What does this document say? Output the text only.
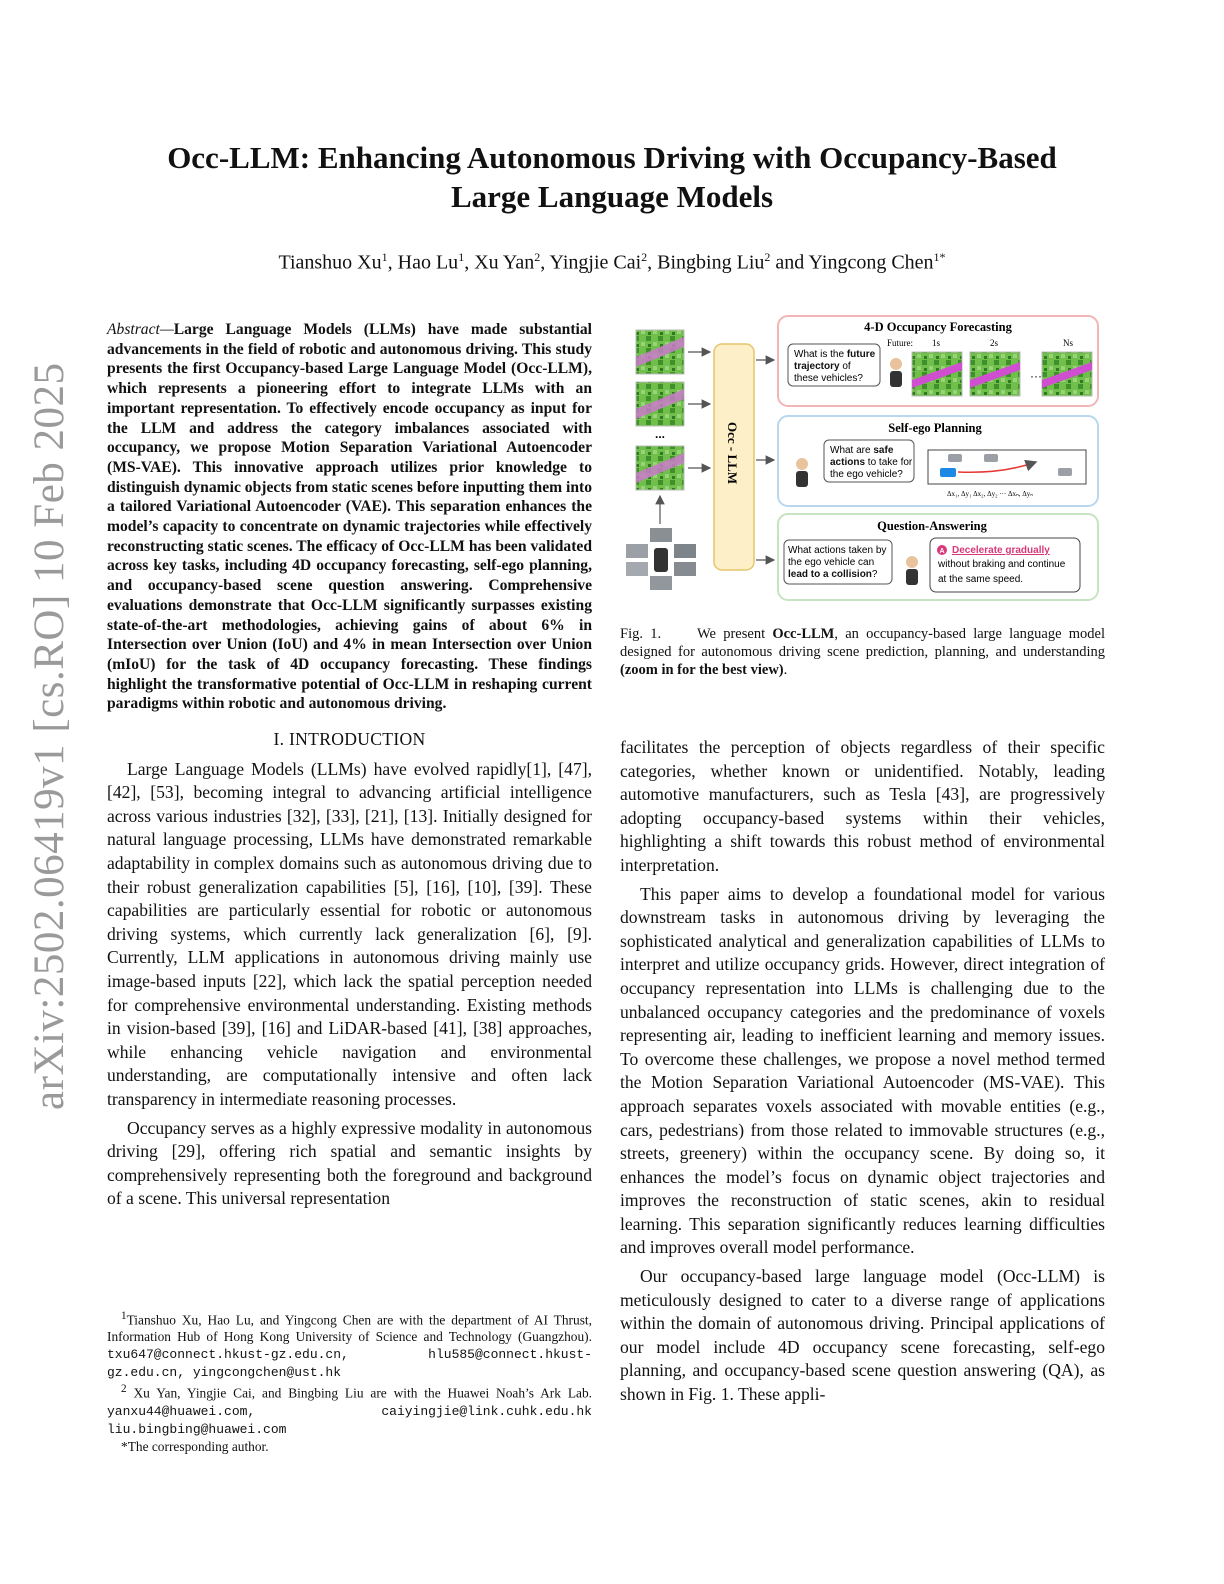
arXiv:2502.06419v1 [cs.RO] 10 Feb 2025
Occ-LLM: Enhancing Autonomous Driving with Occupancy-Based
Large Language Models
Tianshuo Xu$^1$, Hao Lu$^1$, Xu Yan$^2$, Yingjie Cai$^2$, Bingbing Liu$^2$ and Yingcong Chen$^{1*}$
Abstract—Large Language Models (LLMs) have made substantial advancements in the field of robotic and autonomous driving. This study presents the first Occupancy-based Large Language Model (Occ-LLM), which represents a pioneering effort to integrate LLMs with an important representation. To effectively encode occupancy as input for the LLM and address the category imbalances associated with occupancy, we propose Motion Separation Variational Autoencoder (MS-VAE). This innovative approach utilizes prior knowledge to distinguish dynamic objects from static scenes before inputting them into a tailored Variational Autoencoder (VAE). This separation enhances the model’s capacity to concentrate on dynamic trajectories while effectively reconstructing static scenes. The efficacy of Occ-LLM has been validated across key tasks, including 4D occupancy forecasting, self-ego planning, and occupancy-based scene question answering. Comprehensive evaluations demonstrate that Occ-LLM significantly surpasses existing state-of-the-art methodologies, achieving gains of about 6% in Intersection over Union (IoU) and 4% in mean Intersection over Union (mIoU) for the task of 4D occupancy forecasting. These findings highlight the transformative potential of Occ-LLM in reshaping current paradigms within robotic and autonomous driving.
I. INTRODUCTION

Large Language Models (LLMs) have evolved rapidly[1], [47], [42], [53], becoming integral to advancing artificial intelligence across various industries [32], [33], [21], [13]. Initially designed for natural language processing, LLMs have demonstrated remarkable adaptability in complex domains such as autonomous driving due to their robust generalization capabilities [5], [16], [10], [39]. These capabilities are particularly essential for robotic or autonomous driving systems, which currently lack generalization [6], [9]. Currently, LLM applications in autonomous driving mainly use image-based inputs [22], which lack the spatial perception needed for comprehensive environmental understanding. Existing methods in vision-based [39], [16] and LiDAR-based [41], [38] approaches, while enhancing vehicle navigation and environmental understanding, are computationally intensive and often lack transparency in intermediate reasoning processes.

Occupancy serves as a highly expressive modality in autonomous driving [29], offering rich spatial and semantic insights by comprehensively representing both the foreground and background of a scene. This universal representation

$^1$Tianshuo Xu, Hao Lu, and Yingcong Chen are with the department of AI Thrust, Information Hub of Hong Kong University of Science and Technology (Guangzhou). txu647@connect.hkust-gz.edu.cn, hlu585@connect.hkust-gz.edu.cn, yingcongchen@ust.hk

$^2$ Xu Yan, Yingjie Cai, and Bingbing Liu are with the Huawei Noah’s Ark Lab. yanxu44@huawei.com, caiyingjie@link.cuhk.edu.hk liu.bingbing@huawei.com

*The corresponding author.

...	Occ - LLM
4-D Occupancy Forecasting
Future: 1s	2s	Ns
What is the future
trajectory of
these vehicles?	···
Self-ego Planning
What are safe
actions to take for
the ego vehicle?
Δx₁, Δy₁ Δx₂, Δy₂ ··· Δxₙ, Δyₙ
Question-Answering
What actions taken by
the ego vehicle can
lead to a collision?
A Decelerate gradually
without braking and continue
at the same speed.
Fig. 1. We present Occ-LLM, an occupancy-based large language model designed for autonomous driving scene prediction, planning, and understanding (zoom in for the best view).

facilitates the perception of objects regardless of their specific categories, whether known or unidentified. Notably, leading automotive manufacturers, such as Tesla [43], are progressively adopting occupancy-based systems within their vehicles, highlighting a shift towards this robust method of environmental interpretation.

This paper aims to develop a foundational model for various downstream tasks in autonomous driving by leveraging the sophisticated analytical and generalization capabilities of LLMs to interpret and utilize occupancy grids. However, direct integration of occupancy representation into LLMs is challenging due to the unbalanced occupancy categories and the predominance of voxels representing air, leading to inefficient learning and memory issues. To overcome these challenges, we propose a novel method termed the Motion Separation Variational Autoencoder (MS-VAE). This approach separates voxels associated with movable entities (e.g., cars, pedestrians) from those related to immovable structures (e.g., streets, greenery) within the occupancy scene. By doing so, it enhances the model’s focus on dynamic object trajectories and improves the reconstruction of static scenes, akin to residual learning. This separation significantly reduces learning difficulties and improves overall model performance.

Our occupancy-based large language model (Occ-LLM) is meticulously designed to cater to a diverse range of applications within the domain of autonomous driving. Principal applications of our model include 4D occupancy scene forecasting, self-ego planning, and occupancy-based scene question answering (QA), as shown in Fig. 1. These appli-
